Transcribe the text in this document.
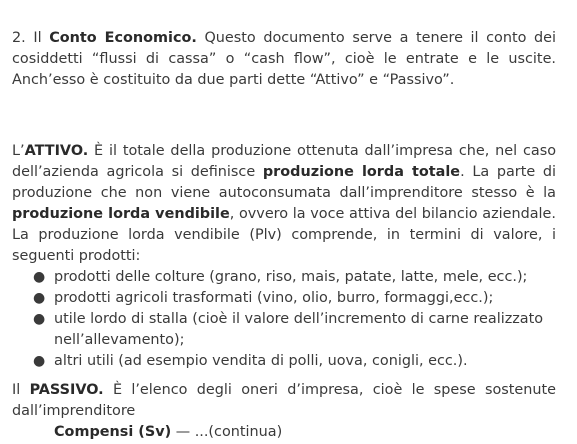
2. Il Conto Economico. Questo documento serve a tenere il conto dei cosiddetti “flussi di cassa” o “cash flow”, cioè le entrate e le uscite. Anch’esso è costituito da due parti dette “Attivo” e “Passivo”.

L’ATTIVO. È il totale della produzione ottenuta dall’impresa che, nel caso dell’azienda agricola si definisce produzione lorda totale. La parte di produzione che non viene autoconsumata dall’imprenditore stesso è la produzione lorda vendibile, ovvero la voce attiva del bilancio aziendale. La produzione lorda vendibile (Plv) comprende, in termini di valore, i seguenti prodotti:

● prodotti delle colture (grano, riso, mais, patate, latte, mele, ecc.);
● prodotti agricoli trasformati (vino, olio, burro, formaggi,ecc.);
● utile lordo di stalla (cioè il valore dell’incremento di carne realizzato nell’allevamento);
● altri utili (ad esempio vendita di polli, uova, conigli, ecc.).

Il PASSIVO. È l’elenco degli oneri d’impresa, cioè le spese sostenute dall’imprenditore

Compensi (Sv) — ...(continua)
